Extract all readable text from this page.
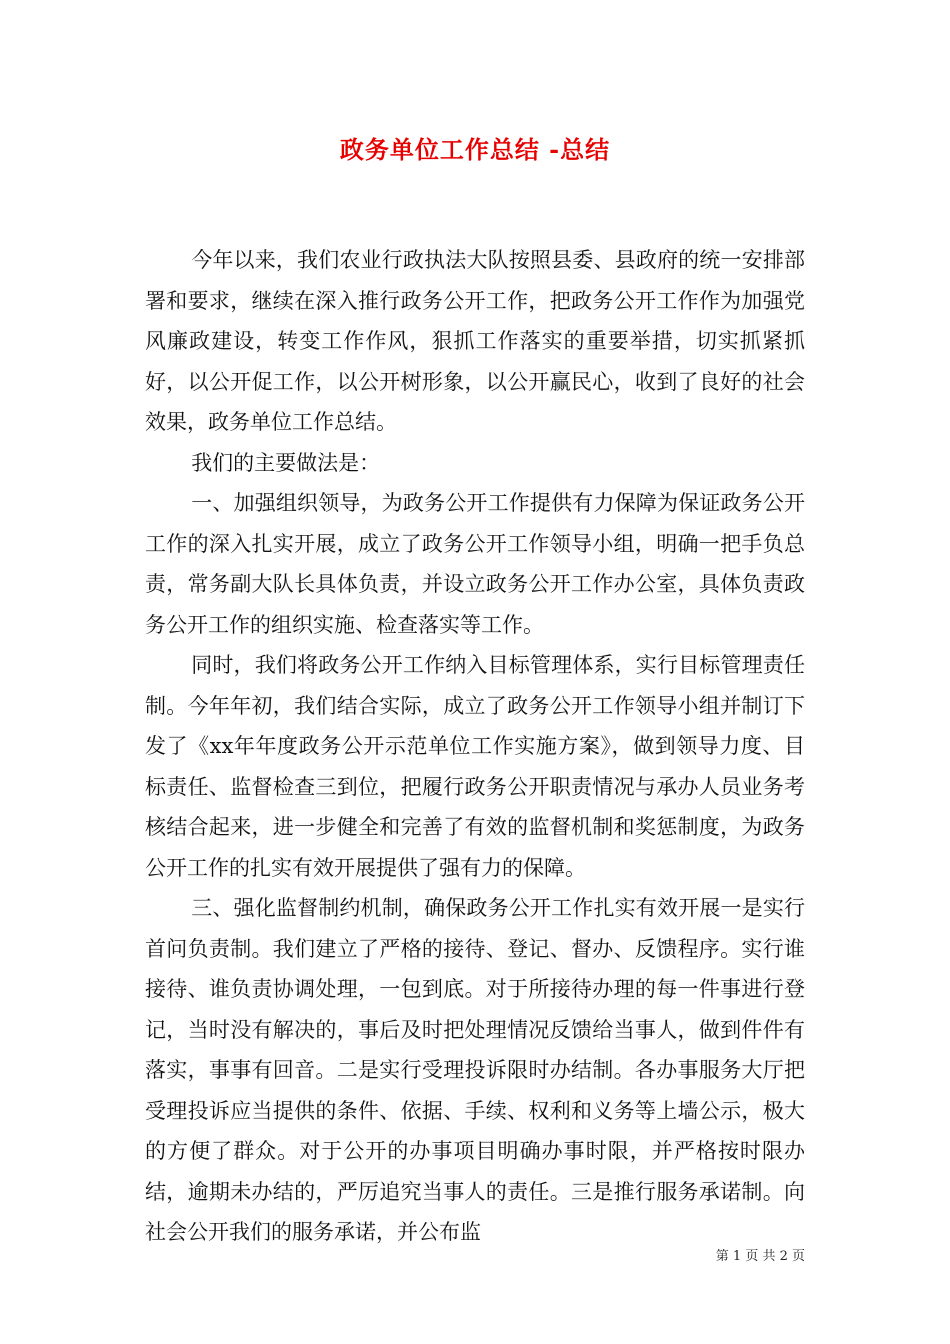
政务单位工作总结 -总结

今年以来，我们农业行政执法大队按照县委、县政府的统一安排部署和要求，继续在深入推行政务公开工作，把政务公开工作作为加强党风廉政建设，转变工作作风，狠抓工作落实的重要举措，切实抓紧抓好，以公开促工作，以公开树形象，以公开赢民心，收到了良好的社会效果，政务单位工作总结。

我们的主要做法是：

一、加强组织领导，为政务公开工作提供有力保障为保证政务公开工作的深入扎实开展，成立了政务公开工作领导小组，明确一把手负总责，常务副大队长具体负责，并设立政务公开工作办公室，具体负责政务公开工作的组织实施、检查落实等工作。

同时，我们将政务公开工作纳入目标管理体系，实行目标管理责任制。今年年初，我们结合实际，成立了政务公开工作领导小组并制订下发了《xx年年度政务公开示范单位工作实施方案》，做到领导力度、目标责任、监督检查三到位，把履行政务公开职责情况与承办人员业务考核结合起来，进一步健全和完善了有效的监督机制和奖惩制度，为政务公开工作的扎实有效开展提供了强有力的保障。

三、强化监督制约机制，确保政务公开工作扎实有效开展一是实行首问负责制。我们建立了严格的接待、登记、督办、反馈程序。实行谁接待、谁负责协调处理，一包到底。对于所接待办理的每一件事进行登记，当时没有解决的，事后及时把处理情况反馈给当事人，做到件件有落实，事事有回音。二是实行受理投诉限时办结制。各办事服务大厅把受理投诉应当提供的条件、依据、手续、权利和义务等上墙公示，极大的方便了群众。对于公开的办事项目明确办事时限，并严格按时限办结，逾期未办结的，严厉追究当事人的责任。三是推行服务承诺制。向社会公开我们的服务承诺，并公布监

第 1 页 共 2 页
